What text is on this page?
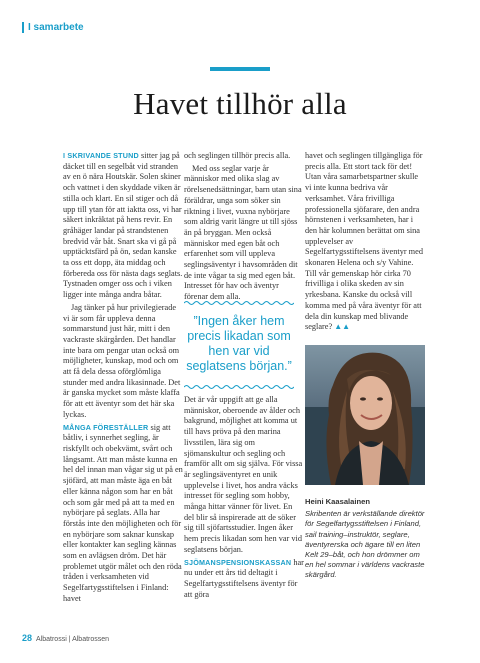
I samarbete
Havet tillhör alla

I SKRIVANDE STUND sitter jag på däcket till en segelbåt vid stranden av en ö nära Houtskär. Solen skiner och vattnet i den skyddade viken är stilla och klart. En sil stiger och då upp till ytan för att iaktta oss, vi har säkert inkräktat på hens revir. En gråhäger landar på strandstenen bredvid vår båt. Snart ska vi gå på upptäcktsfärd på ön, sedan kanske ta oss ett dopp, äta middag och förbereda oss för nästa dags seglats. Tystnaden omger oss och i viken ligger inte många andra båtar.

Jag tänker på hur privilegierade vi är som får uppleva denna sommarstund just här, mitt i den vackraste skärgården. Det handlar inte bara om pengar utan också om möjligheter, kunskap, mod och om att få dela dessa oförglömliga stunder med andra likasinnade. Det är ganska mycket som måste klaffa för att ett äventyr som det här ska lyckas.

MÅNGA FÖRESTÄLLER sig att båtliv, i synnerhet segling, är riskfyllt och obekvämt, svårt och långsamt. Att man måste kunna en hel del innan man vågar sig ut på en sjöfärd, att man måste äga en båt eller känna någon som har en båt och som går med på att ta med en nybörjare på seglats. Alla har förstås inte den möjligheten och för en nybörjare som saknar kunskap eller kontakter kan segling kännas som en avlägsen dröm. Det här problemet utgör målet och den röda tråden i verksamheten vid Segelfartygsstiftelsen i Finland: havet

och seglingen tillhör precis alla.

Med oss seglar varje år människor med olika slag av rörelsenedsättningar, barn utan sina föräldrar, unga som söker sin riktning i livet, vuxna nybörjare som aldrig varit längre ut till sjöss än på bryggan. Men också människor med egen båt och erfarenhet som vill uppleva seglingsäventyr i havsområden dit de inte vågar ta sig med egen båt. Intresset för hav och äventyr förenar dem alla.

”Ingen åker hem precis likadan som hen var vid seglatsens början.”

Det är vår uppgift att ge alla människor, oberoende av ålder och bakgrund, möjlighet att komma ut till havs pröva på den marina livsstilen, lära sig om sjömanskultur och segling och framför allt om sig själva. För vissa är seglingsäventyret en unik upplevelse i livet, hos andra väcks intresset för segling som hobby, många hittar vänner för livet. En del blir så inspirerade att de söker sig till sjöfartsstudier. Ingen åker hem precis likadan som hen var vid seglatsens början.

SJÖMANSPENSIONSKASSAN har nu under ett års tid deltagit i Segelfartygsstiftelsens äventyr för att göra

havet och seglingen tillgängliga för precis alla. Ett stort tack för det! Utan våra samarbetspartner skulle vi inte kunna bedriva vår verksamhet. Våra frivilliga professionella sjöfarare, den andra hörnstenen i verksamheten, har i den här kolumnen berättat om sina upplevelser av Segelfartygsstiftelsens äventyr med skonaren Helena och s/y Vahine. Till vår gemenskap hör cirka 70 frivilliga i olika skeden av sin yrkesbana. Kanske du också vill komma med på våra äventyr för att dela din kunskap med blivande seglare? ▲▲

Heini Kaasalainen
Skribenten är verkställande direktör för Segelfartygsstiftelsen i Finland, sail training–instruktör, seglare, äventyrerska och ägare till en liten Kelt 29–båt, och hon drömmer om en hel sommar i världens vackraste skärgård.
28 Albatrossi | Albatrossen
